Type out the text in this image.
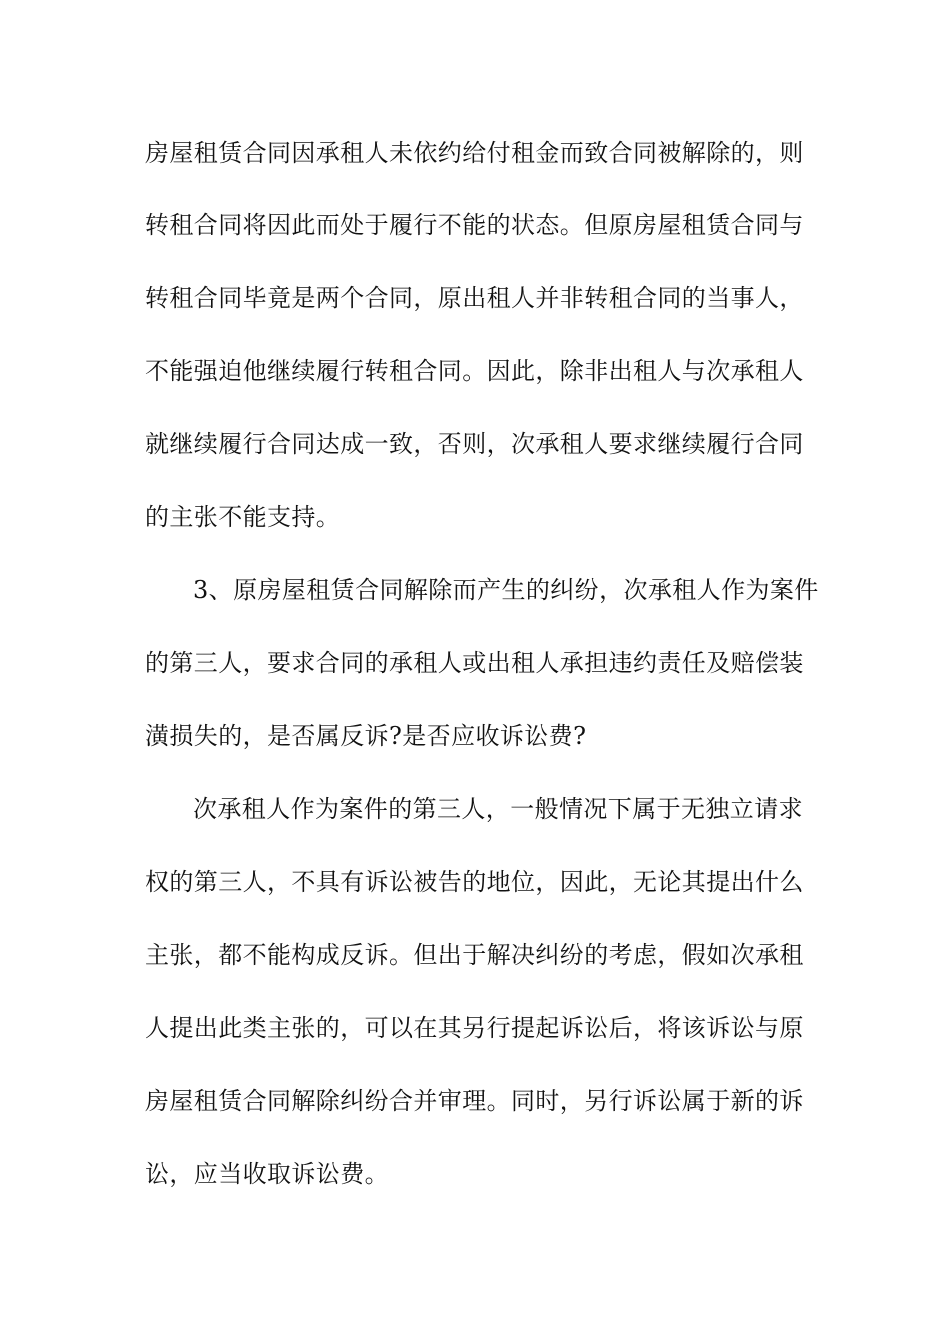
房屋租赁合同因承租人未依约给付租金而致合同被解除的，则
转租合同将因此而处于履行不能的状态。但原房屋租赁合同与
转租合同毕竟是两个合同，原出租人并非转租合同的当事人，
不能强迫他继续履行转租合同。因此，除非出租人与次承租人
就继续履行合同达成一致，否则，次承租人要求继续履行合同
的主张不能支持。
3、原房屋租赁合同解除而产生的纠纷，次承租人作为案件
的第三人，要求合同的承租人或出租人承担违约责任及赔偿装
潢损失的，是否属反诉?是否应收诉讼费?
次承租人作为案件的第三人，一般情况下属于无独立请求
权的第三人，不具有诉讼被告的地位，因此，无论其提出什么
主张，都不能构成反诉。但出于解决纠纷的考虑，假如次承租
人提出此类主张的，可以在其另行提起诉讼后，将该诉讼与原
房屋租赁合同解除纠纷合并审理。同时，另行诉讼属于新的诉
讼，应当收取诉讼费。
